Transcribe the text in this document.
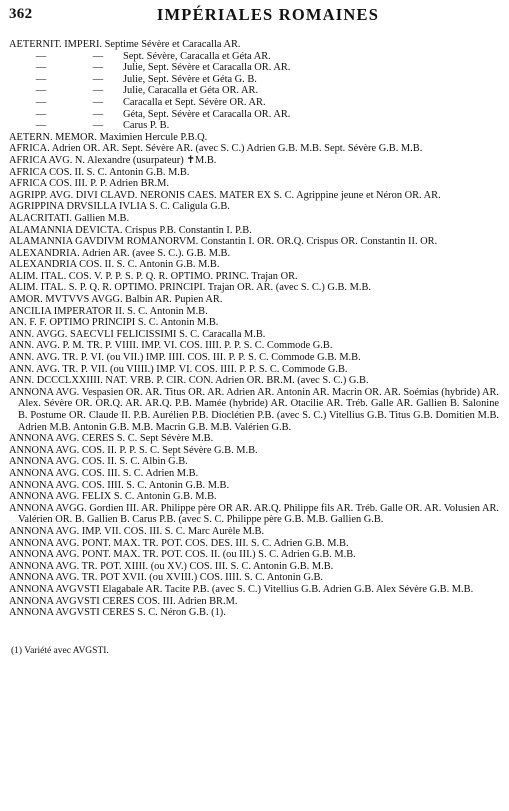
362	IMPÉRIALES ROMAINES

AETERNIT. IMPERI. Septime Sévère et Caracalla AR.

—	— Sept. Sévère, Caracalla et Géta AR.

—	— Julie, Sept. Sévère et Caracalla OR. AR.

—	— Julie, Sept. Sévère et Géta G. B.

—	— Julie, Caracalla et Géta OR. AR.

—	— Caracalla et Sept. Sévère OR. AR.

—	— Géta, Sept. Sévère et Caracalla OR. AR.

—	— Carus P. B.

AETERN. MEMOR. Maximien Hercule P.B.Q.

AFRICA. Adrien OR. AR. Sept. Sévère AR. (avec S. C.) Adrien G.B. M.B. Sept. Sévère G.B. M.B.

AFRICA AVG. N. Alexandre (usurpateur) ✝M.B.

AFRICA COS. II. S. C. Antonin G.B. M.B.

AFRICA COS. III. P. P. Adrien BR.M.

AGRIPP. AVG. DIVI CLAVD. NERONIS CAES. MATER EX S. C. Agrippine jeune et Néron OR. AR.

AGRIPPINA DRVSILLA IVLIA S. C. Caligula G.B.

ALACRITATI. Gallien M.B.

ALAMANNIA DEVICTA. Crispus P.B. Constantin I. P.B.

ALAMANNIA GAVDIVM ROMANORVM. Constantin I. OR. OR.Q. Crispus OR. Constantin II. OR.

ALEXANDRIA. Adrien AR. (avee S. C.). G.B. M.B.

ALEXANDRIA COS. II. S. C. Antonin G.B. M.B.

ALIM. ITAL. COS. V. P. P. S. P. Q. R. OPTIMO. PRINC. Trajan OR.

ALIM. ITAL. S. P. Q. R. OPTIMO. PRINCIPI. Trajan OR. AR. (avec S. C.) G.B. M.B.

AMOR. MVTVVS AVGG. Balbin AR. Pupien AR.

ANCILIA IMPERATOR II. S. C. Antonin M.B.

AN. F. F. OPTIMO PRINCIPI S. C. Antonin M.B.

ANN. AVGG. SAECVLI FELICISSIMI S. C. Caracalla M.B.

ANN. AVG. P. M. TR. P. VIIII. IMP. VI. COS. IIII. P. P. S. C. Commode G.B.

ANN. AVG. TR. P. VI. (ou VII.) IMP. IIII. COS. III. P. P. S. C. Commode G.B. M.B.

ANN. AVG. TR. P. VII. (ou VIIII.) IMP. VI. COS. IIII. P. P. S. C. Commode G.B.

ANN. DCCCLXXIIII. NAT. VRB. P. CIR. CON. Adrien OR. BR.M. (avec S. C.) G.B.

ANNONA AVG. Vespasien OR. AR. Titus OR. AR. Adrien AR. Antonin AR. Macrin OR. AR. Soémias (hybride) AR. Alex. Sévère OR. OR.Q. AR. AR.Q. P.B. Mamée (hybride) AR. Otacilie AR. Tréb. Galle AR. Gallien B. Salonine B. Postume OR. Claude II. P.B. Aurélien P.B. Dioclétien P.B. (avec S. C.) Vitellius G.B. Titus G.B. Domitien M.B. Adrien M.B. Antonin G.B. M.B. Macrin G.B. M.B. Valérien G.B.

ANNONA AVG. CERES S. C. Sept Sévère M.B.

ANNONA AVG. COS. II. P. P. S. C. Sept Sévère G.B. M.B.

ANNONA AVG. COS. II. S. C. Albin G.B.

ANNONA AVG. COS. III. S. C. Adrien M.B.

ANNONA AVG. COS. IIII. S. C. Antonin G.B. M.B.

ANNONA AVG. FELIX S. C. Antonin G.B. M.B.

ANNONA AVGG. Gordien III. AR. Philippe père OR AR. AR.Q. Philippe fils AR. Tréb. Galle OR. AR. Volusien AR. Valérien OR. B. Gallien B. Carus P.B. (avec S. C. Philippe père G.B. M.B. Gallien G.B.

ANNONA AVG. IMP. VII. COS. III. S. C. Marc Aurèle M.B.

ANNONA AVG. PONT. MAX. TR. POT. COS. DES. III. S. C. Adrien G.B. M.B.

ANNONA AVG. PONT. MAX. TR. POT. COS. II. (ou III.) S. C. Adrien G.B. M.B.

ANNONA AVG. TR. POT. XIIII. (ou XV.) COS. III. S. C. Antonin G.B. M.B.

ANNONA AVG. TR. POT XVII. (ou XVIII.) COS. IIII. S. C. Antonin G.B.

ANNONA AVGVSTI Elagabale AR. Tacite P.B. (avec S. C.) Vitellius G.B. Adrien G.B. Alex Sévère G.B. M.B.

ANNONA AVGVSTI CERES COS. III. Adrien BR.M.

ANNONA AVGVSTI CERES S. C. Néron G.B. (1).

(1) Variété avec AVGSTI.
